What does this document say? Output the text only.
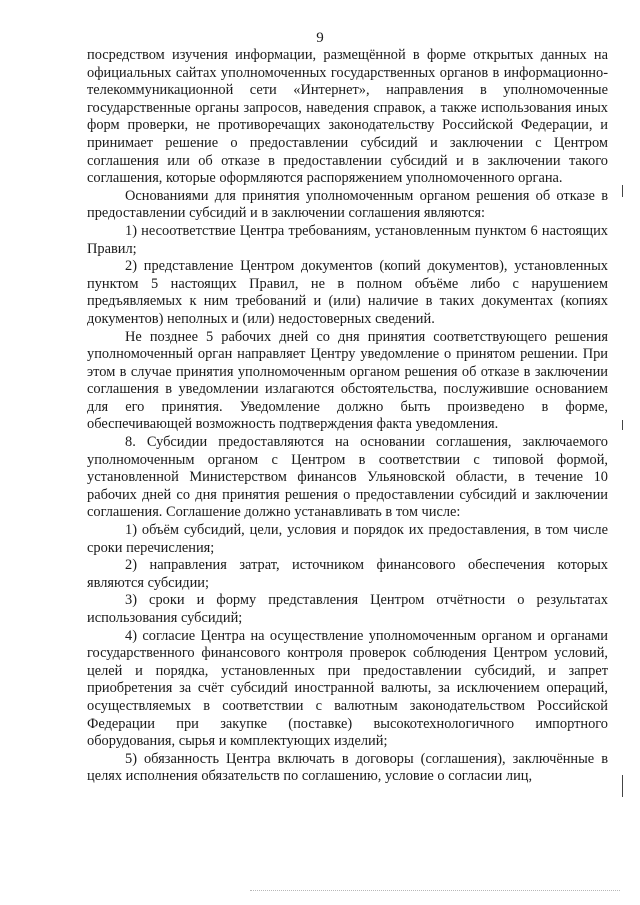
9

посредством изучения информации, размещённой в форме открытых данных на официальных сайтах уполномоченных государственных органов в информационно-телекоммуникационной сети «Интернет», направления в уполномоченные государственные органы запросов, наведения справок, а также использования иных форм проверки, не противоречащих законодательству Российской Федерации, и принимает решение о предоставлении субсидий и заключении с Центром соглашения или об отказе в предоставлении субсидий и в заключении такого соглашения, которые оформляются распоряжением уполномоченного органа.

Основаниями для принятия уполномоченным органом решения об отказе в предоставлении субсидий и в заключении соглашения являются:

1) несоответствие Центра требованиям, установленным пунктом 6 настоящих Правил;

2) представление Центром документов (копий документов), установленных пунктом 5 настоящих Правил, не в полном объёме либо с нарушением предъявляемых к ним требований и (или) наличие в таких документах (копиях документов) неполных и (или) недостоверных сведений.

Не позднее 5 рабочих дней со дня принятия соответствующего решения уполномоченный орган направляет Центру уведомление о принятом решении. При этом в случае принятия уполномоченным органом решения об отказе в заключении соглашения в уведомлении излагаются обстоятельства, послужившие основанием для его принятия. Уведомление должно быть произведено в форме, обеспечивающей возможность подтверждения факта уведомления.

8. Субсидии предоставляются на основании соглашения, заключаемого уполномоченным органом с Центром в соответствии с типовой формой, установленной Министерством финансов Ульяновской области, в течение 10 рабочих дней со дня принятия решения о предоставлении субсидий и заключении соглашения. Соглашение должно устанавливать в том числе:

1) объём субсидий, цели, условия и порядок их предоставления, в том числе сроки перечисления;

2) направления затрат, источником финансового обеспечения которых являются субсидии;

3) сроки и форму представления Центром отчётности о результатах использования субсидий;

4) согласие Центра на осуществление уполномоченным органом и органами государственного финансового контроля проверок соблюдения Центром условий, целей и порядка, установленных при предоставлении субсидий, и запрет приобретения за счёт субсидий иностранной валюты, за исключением операций, осуществляемых в соответствии с валютным законодательством Российской Федерации при закупке (поставке) высокотехнологичного импортного оборудования, сырья и комплектующих изделий;

5) обязанность Центра включать в договоры (соглашения), заключённые в целях исполнения обязательств по соглашению, условие о согласии лиц,
